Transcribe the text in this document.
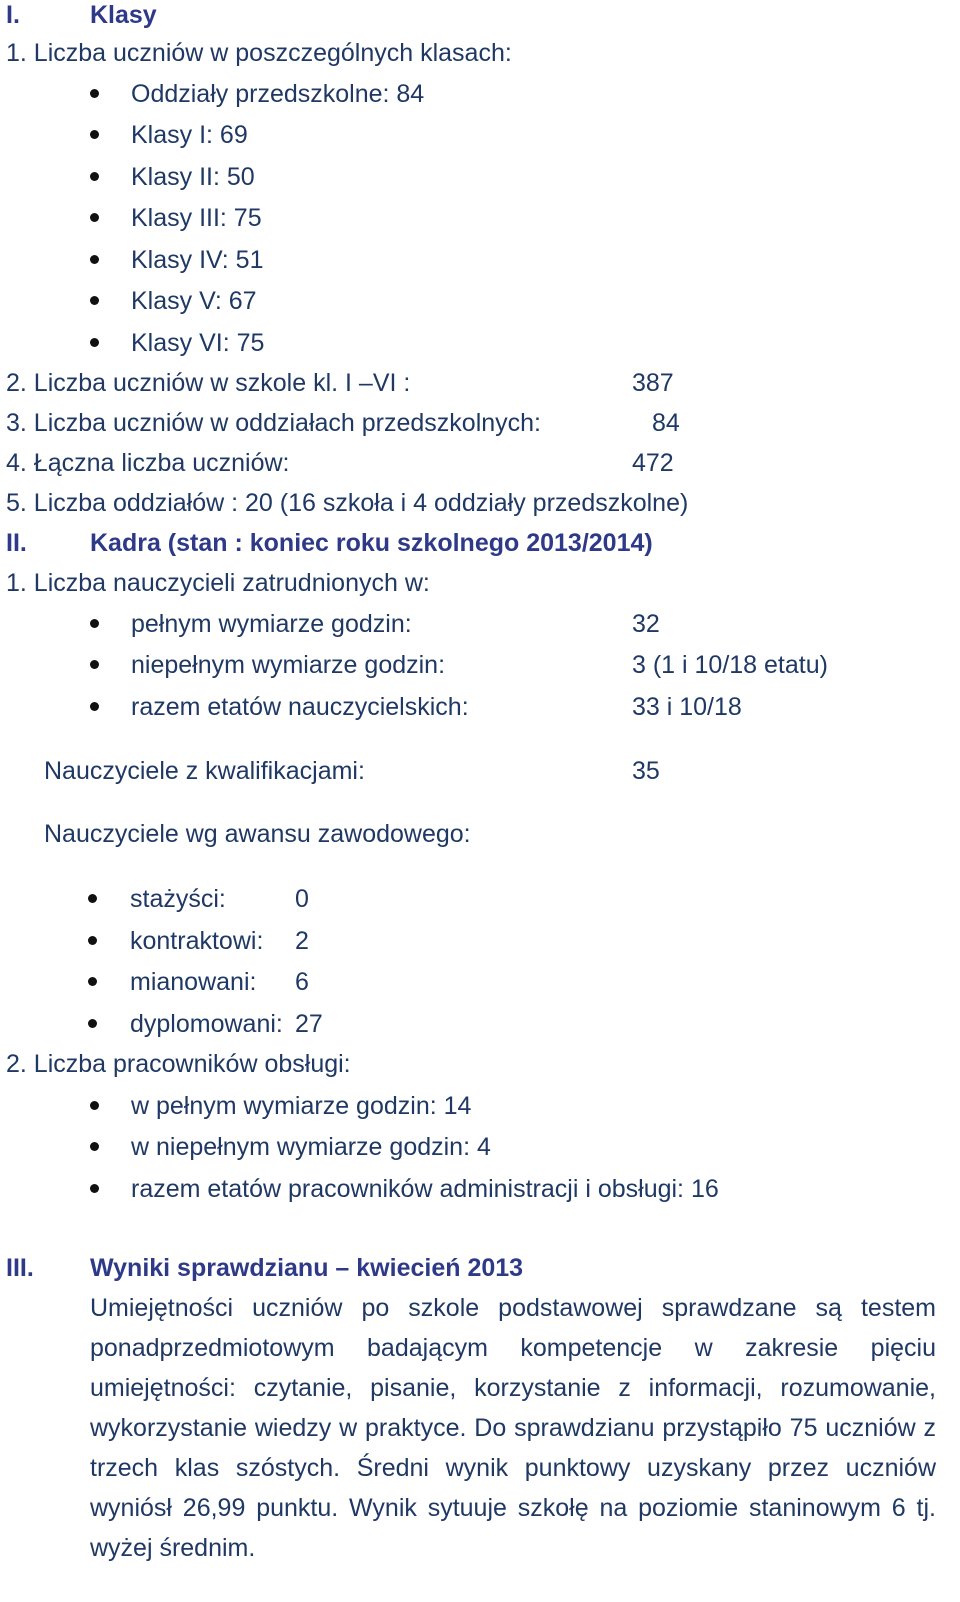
I.	Klasy
1. Liczba uczniów w poszczególnych klasach:
Oddziały przedszkolne: 84
Klasy I: 69
Klasy II: 50
Klasy III: 75
Klasy IV: 51
Klasy V: 67
Klasy VI: 75
2. Liczba uczniów w szkole kl. I –VI :	387
3. Liczba uczniów w oddziałach przedszkolnych:	84
4. Łączna liczba uczniów:	472
5. Liczba oddziałów : 20 (16 szkoła i 4 oddziały przedszkolne)
II.	Kadra (stan : koniec roku szkolnego 2013/2014)
1. Liczba nauczycieli zatrudnionych w:
pełnym wymiarze godzin:	32
niepełnym wymiarze godzin:	3 (1 i 10/18 etatu)
razem etatów nauczycielskich:	33 i 10/18
Nauczyciele z kwalifikacjami:	35
Nauczyciele wg awansu zawodowego:
stażyści:	0
kontraktowi: 2
mianowani: 6
dyplomowani: 27
2. Liczba pracowników obsługi:
w pełnym wymiarze godzin: 14
w niepełnym wymiarze godzin: 4
razem etatów pracowników administracji i obsługi: 16
III. Wyniki sprawdzianu – kwiecień 2013
Umiejętności uczniów po szkole podstawowej sprawdzane są testem ponadprzedmiotowym badającym kompetencje w zakresie pięciu umiejętności: czytanie, pisanie, korzystanie z informacji, rozumowanie, wykorzystanie wiedzy w praktyce. Do sprawdzianu przystąpiło 75 uczniów z trzech klas szóstych. Średni wynik punktowy uzyskany przez uczniów wyniósł 26,99 punktu. Wynik sytuuje szkołę na poziomie staninowym 6 tj. wyżej średnim.
